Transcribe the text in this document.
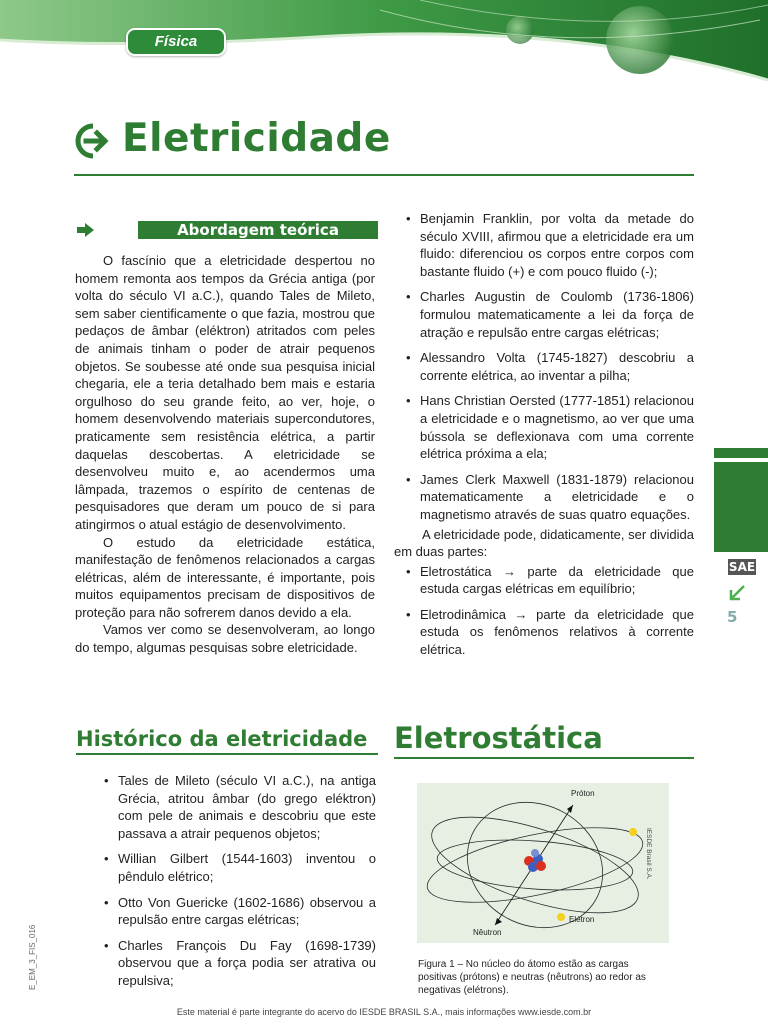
Física
Eletricidade
Abordagem teórica

O fascínio que a eletricidade despertou no homem remonta aos tempos da Grécia antiga (por volta do século VI a.C.), quando Tales de Mileto, sem saber cientificamente o que fazia, mostrou que pedaços de âmbar (eléktron) atritados com peles de animais tinham o poder de atrair pequenos objetos. Se soubesse até onde sua pesquisa inicial chegaria, ele a teria detalhado bem mais e estaria orgulhoso do seu grande feito, ao ver, hoje, o homem desenvolvendo materiais supercondutores, praticamente sem resistência elétrica, a partir daquelas descobertas. A eletricidade se desenvolveu muito e, ao acendermos uma lâmpada, trazemos o espírito de centenas de pesquisadores que deram um pouco de si para atingirmos o atual estágio de desenvolvimento.

O estudo da eletricidade estática, manifestação de fenômenos relacionados a cargas elétricas, além de interessante, é importante, pois muitos equipamentos precisam de dispositivos de proteção para não sofrerem danos devido a ela.

Vamos ver como se desenvolveram, ao longo do tempo, algumas pesquisas sobre eletricidade.

• Benjamin Franklin, por volta da metade do século XVIII, afirmou que a eletricidade era um fluido: diferenciou os corpos entre corpos com bastante fluido (+) e com pouco fluido (-);
• Charles Augustin de Coulomb (1736-1806) formulou matematicamente a lei da força de atração e repulsão entre cargas elétricas;
• Alessandro Volta (1745-1827) descobriu a corrente elétrica, ao inventar a pilha;
• Hans Christian Oersted (1777-1851) relacionou a eletricidade e o magnetismo, ao ver que uma bússola se deflexionava com uma corrente elétrica próxima a ela;
• James Clerk Maxwell (1831-1879) relacionou matematicamente a eletricidade e o magnetismo através de suas quatro equações.

A eletricidade pode, didaticamente, ser dividida em duas partes:

• Eletrostática → parte da eletricidade que estuda cargas elétricas em equilíbrio;
• Eletrodinâmica → parte da eletricidade que estuda os fenômenos relativos à corrente elétrica.
Histórico da eletricidade
• Tales de Mileto (século VI a.C.), na antiga Grécia, atritou âmbar (do grego eléktron) com pele de animais e descobriu que este passava a atrair pequenos objetos;
• Willian Gilbert (1544-1603) inventou o pêndulo elétrico;
• Otto Von Guericke (1602-1686) observou a repulsão entre cargas elétricas;
• Charles François Du Fay (1698-1739) observou que a força podia ser atrativa ou repulsiva;
Eletrostática
Próton
Elétron
Nêutron
IESDE Brasil S.A.
Figura 1 – No núcleo do átomo estão as cargas positivas (prótons) e neutras (nêutrons) ao redor as negativas (elétrons).
SAE
5
E_EM_3_FIS_016
Este material é parte integrante do acervo do IESDE BRASIL S.A., mais informações www.iesde.com.br
